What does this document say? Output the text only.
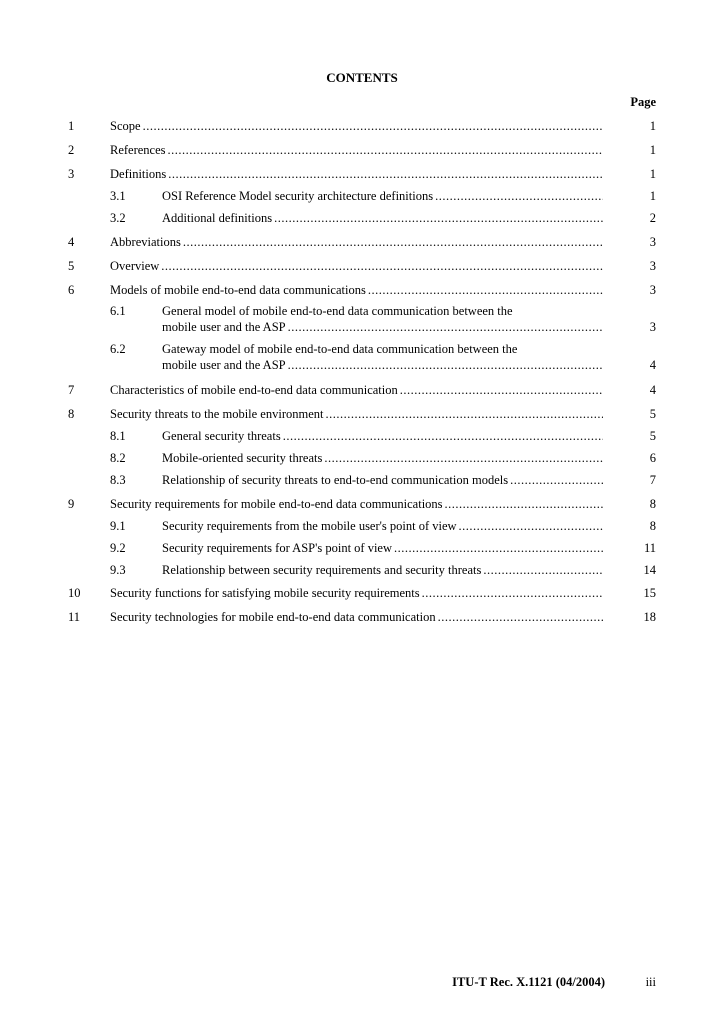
CONTENTS
Page
1	Scope .....	1
2	References .....	1
3	Definitions .....	1
3.1	OSI Reference Model security architecture definitions .....	1
3.2	Additional definitions .....	2
4	Abbreviations .....	3
5	Overview .....	3
6	Models of mobile end-to-end data communications .....	3
6.1	General model of mobile end-to-end data communication between the
mobile user and the ASP .....	3
6.2	Gateway model of mobile end-to-end data communication between the
mobile user and the ASP .....	4
7	Characteristics of mobile end-to-end data communication .....	4
8	Security threats to the mobile environment .....	5
8.1	General security threats .....	5
8.2	Mobile-oriented security threats .....	6
8.3	Relationship of security threats to end-to-end communication models .....	7
9	Security requirements for mobile end-to-end data communications .....	8
9.1	Security requirements from the mobile user's point of view .....	8
9.2	Security requirements for ASP's point of view .....	11
9.3	Relationship between security requirements and security threats .....	14
10 Security functions for satisfying mobile security requirements .....	15
11 Security technologies for mobile end-to-end data communication .....	18
ITU-T Rec. X.1121 (04/2004)	iii
